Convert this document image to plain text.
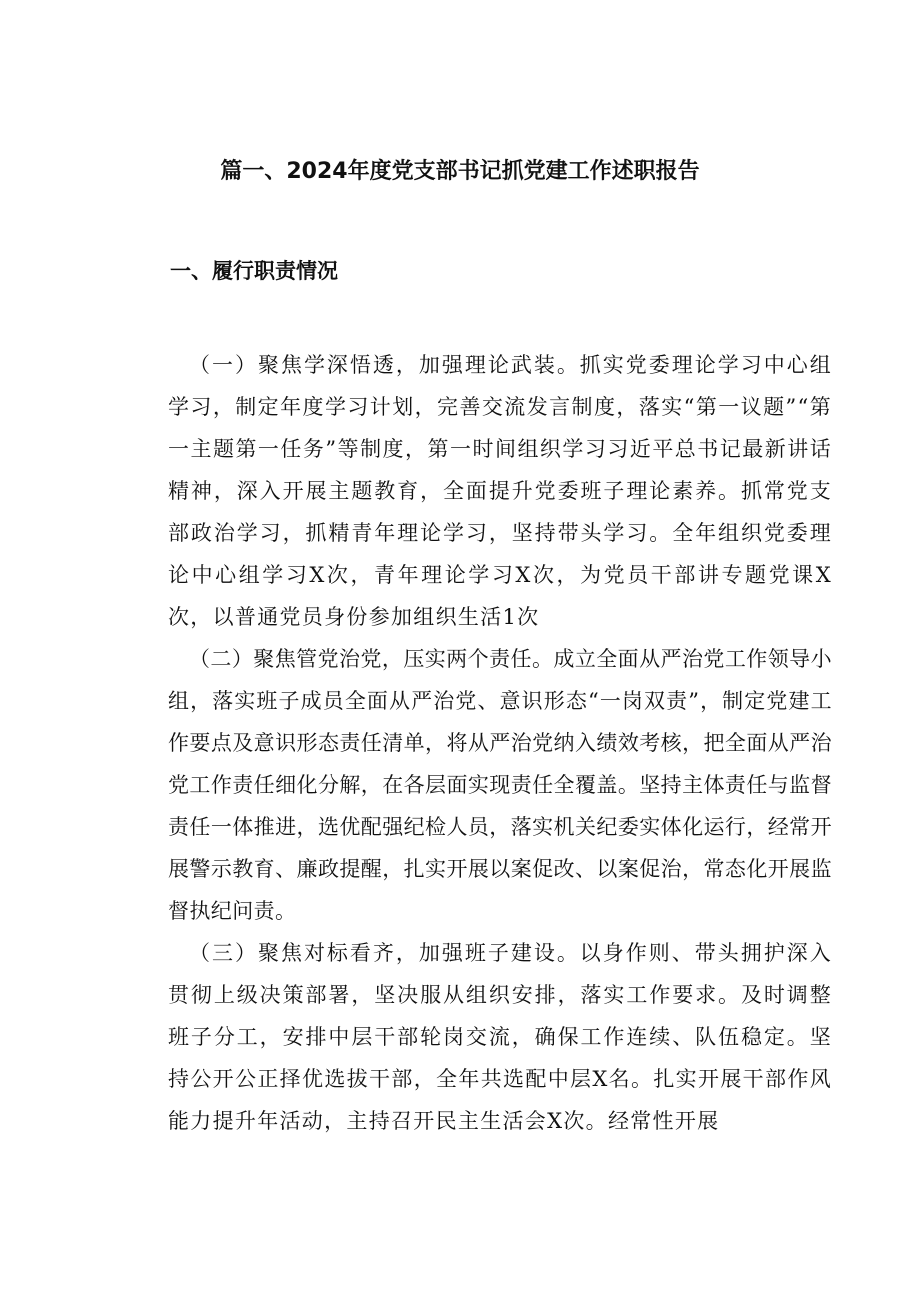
篇一、2024年度党支部书记抓党建工作述职报告
一、履行职责情况

（一）聚焦学深悟透，加强理论武装。抓实党委理论学习中心组学习，制定年度学习计划，完善交流发言制度，落实“第一议题”“第一主题第一任务”等制度，第一时间组织学习习近平总书记最新讲话精神，深入开展主题教育，全面提升党委班子理论素养。抓常党支部政治学习，抓精青年理论学习，坚持带头学习。全年组织党委理论中心组学习X次，青年理论学习X次，为党员干部讲专题党课X次，以普通党员身份参加组织生活1次

（二）聚焦管党治党，压实两个责任。成立全面从严治党工作领导小组，落实班子成员全面从严治党、意识形态“一岗双责”，制定党建工作要点及意识形态责任清单，将从严治党纳入绩效考核，把全面从严治党工作责任细化分解，在各层面实现责任全覆盖。坚持主体责任与监督责任一体推进，选优配强纪检人员，落实机关纪委实体化运行，经常开展警示教育、廉政提醒，扎实开展以案促改、以案促治，常态化开展监督执纪问责。

（三）聚焦对标看齐，加强班子建设。以身作则、带头拥护深入贯彻上级决策部署，坚决服从组织安排，落实工作要求。及时调整班子分工，安排中层干部轮岗交流，确保工作连续、队伍稳定。坚持公开公正择优选拔干部，全年共选配中层X名。扎实开展干部作风能力提升年活动，主持召开民主生活会X次。经常性开展
